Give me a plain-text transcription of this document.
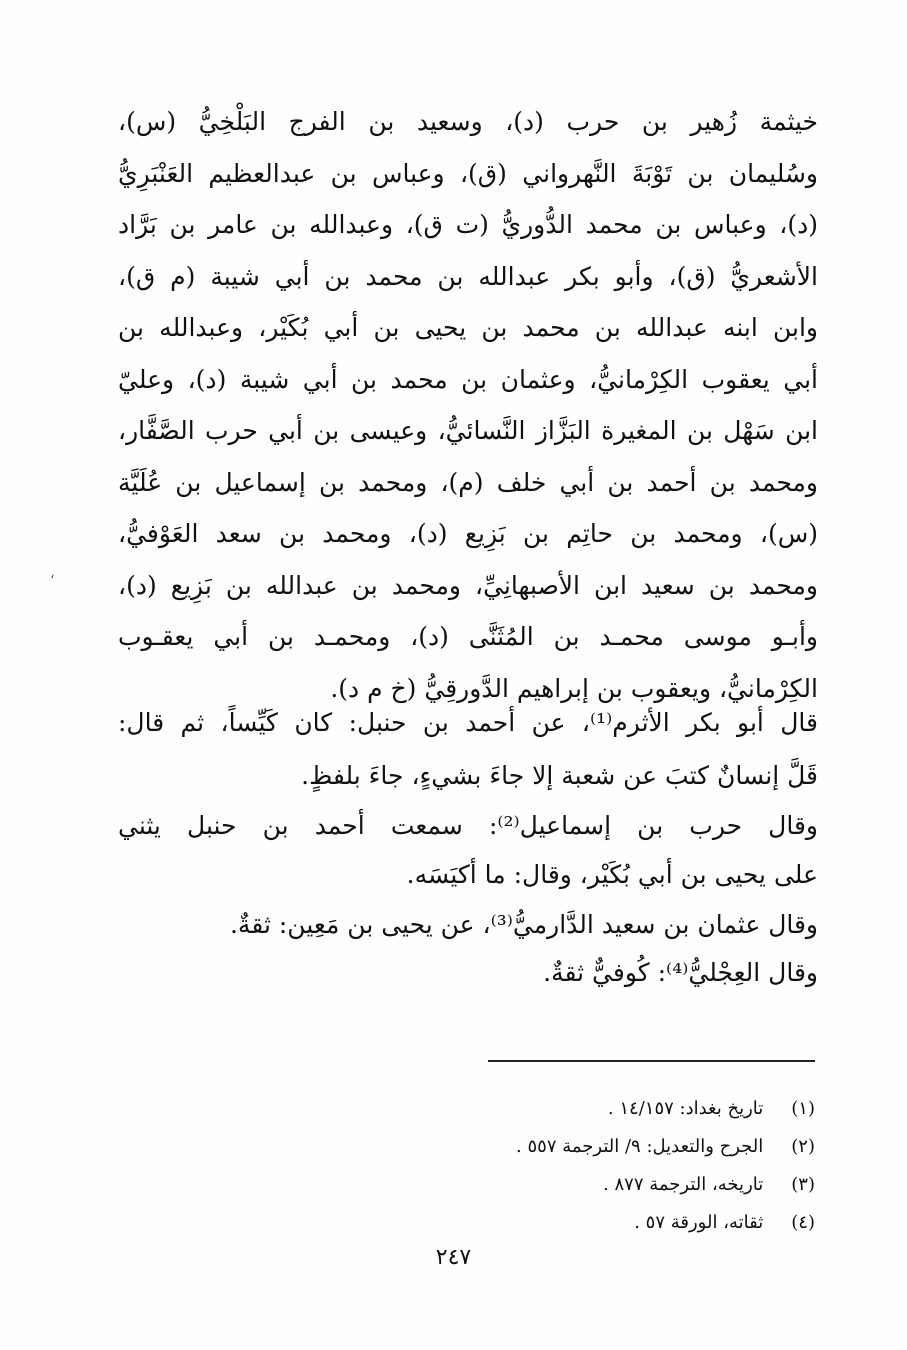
خيثمة زُهير بن حرب (د)، وسعيد بن الفرج البَلْخِيُّ (س)،
وسُليمان بن تَوْبَةَ النَّهرواني (ق)، وعباس بن عبدالعظيم العَنْبَرِيُّ
(د)، وعباس بن محمد الدُّوريُّ (ت ق)، وعبدالله بن عامر بن بَرَّاد
الأشعريُّ (ق)، وأبو بكر عبدالله بن محمد بن أبي شيبة (م ق)،
وابن ابنه عبدالله بن محمد بن يحيى بن أبي بُكَيْر، وعبدالله بن
أبي يعقوب الكِرْمانيُّ، وعثمان بن محمد بن أبي شيبة (د)، وعليّ
ابن سَهْل بن المغيرة البَزَّاز النَّسائيُّ، وعيسى بن أبي حرب الصَّفَّار،
ومحمد بن أحمد بن أبي خلف (م)، ومحمد بن إسماعيل بن عُلَيَّة
(س)، ومحمد بن حاتِم بن بَزِيع (د)، ومحمد بن سعد العَوْفيُّ،
ومحمد بن سعيد ابن الأصبهانِيِّ، ومحمد بن عبدالله بن بَزِيع (د)،
وأبـو موسى محمـد بن المُثَنَّى (د)، ومحمـد بن أبي يعقـوب
الكِرْمانيُّ، ويعقوب بن إبراهيم الدَّورقِيُّ (خ م د).
قال أبو بكر الأثرم⁽¹⁾، عن أحمد بن حنبل: كان كَيِّساً، ثم قال:
قَلَّ إنسانٌ كتبَ عن شعبة إلا جاءَ بشيءٍ، جاءَ بلفظٍ.
وقال حرب بن إسماعيل⁽²⁾: سمعت أحمد بن حنبل يثني
على يحيى بن أبي بُكَيْر، وقال: ما أكيَسَه.
وقال عثمان بن سعيد الدَّارميُّ⁽³⁾، عن يحيى بن مَعِين: ثقةٌ.
وقال العِجْليُّ⁽⁴⁾: كُوفيٌّ ثقةٌ.
(١) تاريخ بغداد: ١٤/١٥٧ .
(٢) الجرح والتعديل: ٩/ الترجمة ٥٥٧ .
(٣) تاريخه، الترجمة ٨٧٧ .
(٤) ثقاته، الورقة ٥٧ .
٢٤٧
،
